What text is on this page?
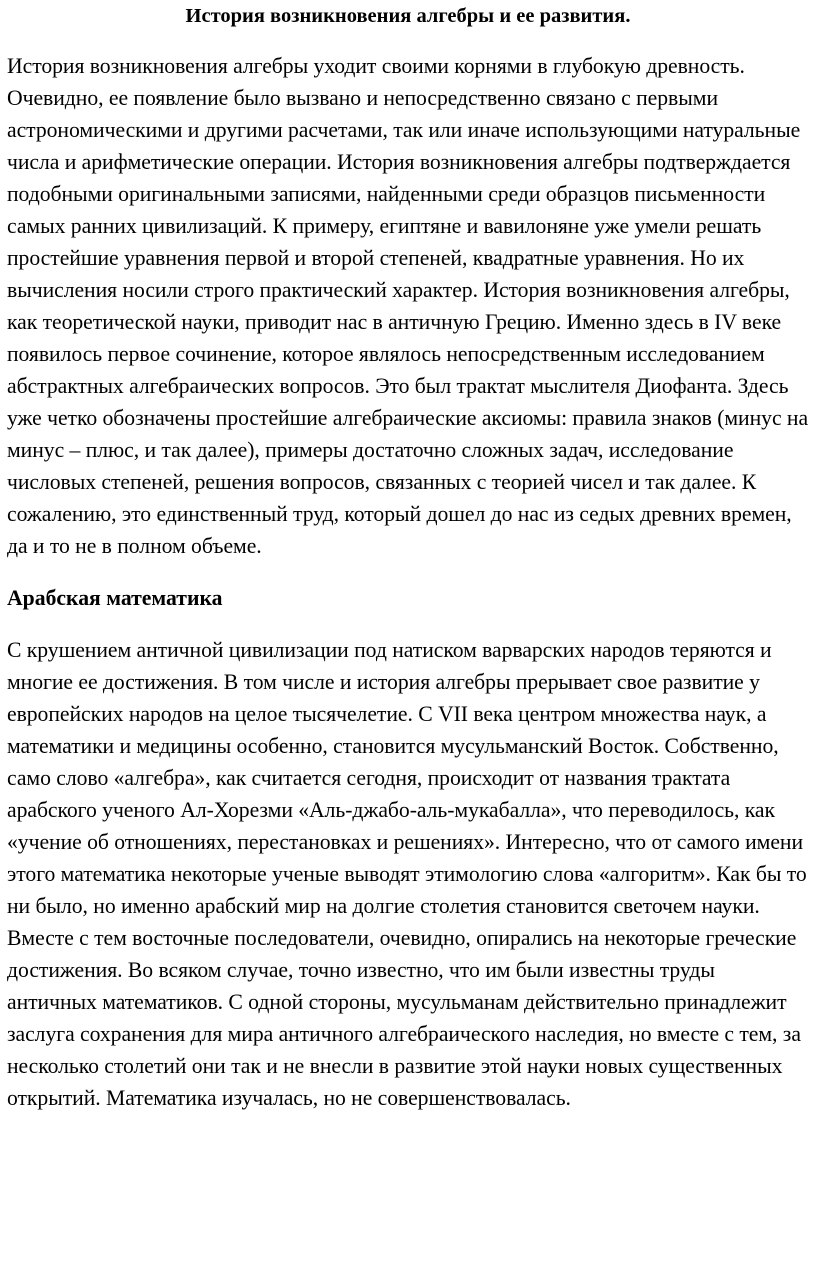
История возникновения алгебры и ее развития.

История возникновения алгебры уходит своими корнями в глубокую древность. Очевидно, ее появление было вызвано и непосредственно связано с первыми астрономическими и другими расчетами, так или иначе использующими натуральные числа и арифметические операции. История возникновения алгебры подтверждается подобными оригинальными записями, найденными среди образцов письменности самых ранних цивилизаций. К примеру, египтяне и вавилоняне уже умели решать простейшие уравнения первой и второй степеней, квадратные уравнения. Но их вычисления носили строго практический характер. История возникновения алгебры, как теоретической науки, приводит нас в античную Грецию. Именно здесь в IV веке появилось первое сочинение, которое являлось непосредственным исследованием абстрактных алгебраических вопросов. Это был трактат мыслителя Диофанта. Здесь уже четко обозначены простейшие алгебраические аксиомы: правила знаков (минус на минус – плюс, и так далее), примеры достаточно сложных задач, исследование числовых степеней, решения вопросов, связанных с теорией чисел и так далее. К сожалению, это единственный труд, который дошел до нас из седых древних времен, да и то не в полном объеме.

Арабская математика

С крушением античной цивилизации под натиском варварских народов теряются и многие ее достижения. В том числе и история алгебры прерывает свое развитие у европейских народов на целое тысячелетие. С VII века центром множества наук, а математики и медицины особенно, становится мусульманский Восток. Собственно, само слово «алгебра», как считается сегодня, происходит от названия трактата арабского ученого Ал-Хорезми «Аль-джабо-аль-мукабалла», что переводилось, как «учение об отношениях, перестановках и решениях». Интересно, что от самого имени этого математика некоторые ученые выводят этимологию слова «алгоритм». Как бы то ни было, но именно арабский мир на долгие столетия становится светочем науки. Вместе с тем восточные последователи, очевидно, опирались на некоторые греческие достижения. Во всяком случае, точно известно, что им были известны труды античных математиков. С одной стороны, мусульманам действительно принадлежит заслуга сохранения для мира античного алгебраического наследия, но вместе с тем, за несколько столетий они так и не внесли в развитие этой науки новых существенных открытий. Математика изучалась, но не совершенствовалась.
